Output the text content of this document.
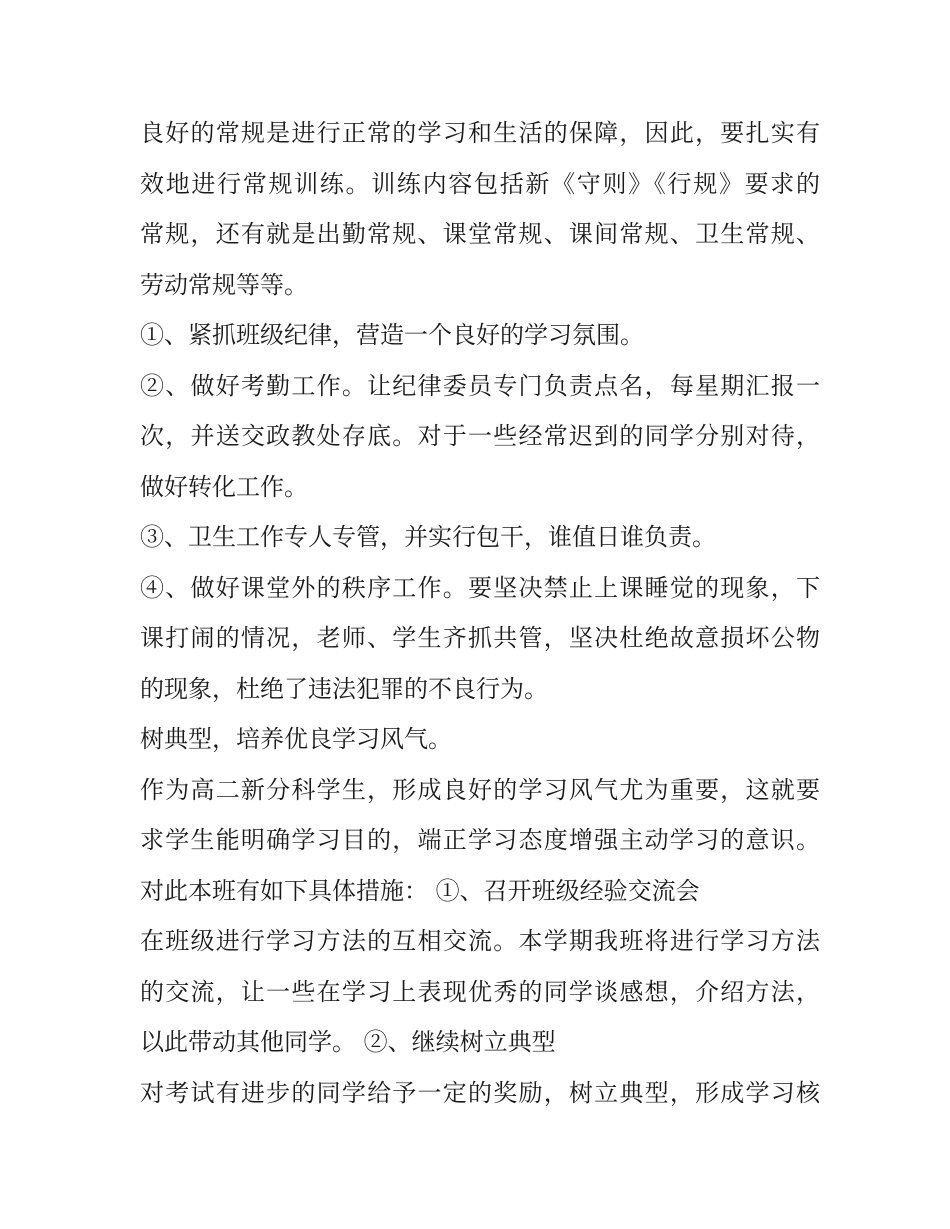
良好的常规是进行正常的学习和生活的保障，因此，要扎实有
效地进行常规训练。训练内容包括新《守则》《行规》要求的
常规，还有就是出勤常规、课堂常规、课间常规、卫生常规、
劳动常规等等。
①、紧抓班级纪律，营造一个良好的学习氛围。
②、做好考勤工作。让纪律委员专门负责点名，每星期汇报一
次，并送交政教处存底。对于一些经常迟到的同学分别对待，
做好转化工作。
③、卫生工作专人专管，并实行包干，谁值日谁负责。
④、做好课堂外的秩序工作。要坚决禁止上课睡觉的现象，下
课打闹的情况，老师、学生齐抓共管，坚决杜绝故意损坏公物
的现象，杜绝了违法犯罪的不良行为。
树典型，培养优良学习风气。
作为高二新分科学生，形成良好的学习风气尤为重要，这就要
求学生能明确学习目的，端正学习态度增强主动学习的意识。
对此本班有如下具体措施： ①、召开班级经验交流会
在班级进行学习方法的互相交流。本学期我班将进行学习方法
的交流，让一些在学习上表现优秀的同学谈感想，介绍方法，
以此带动其他同学。 ②、继续树立典型
对考试有进步的同学给予一定的奖励，树立典型，形成学习核
